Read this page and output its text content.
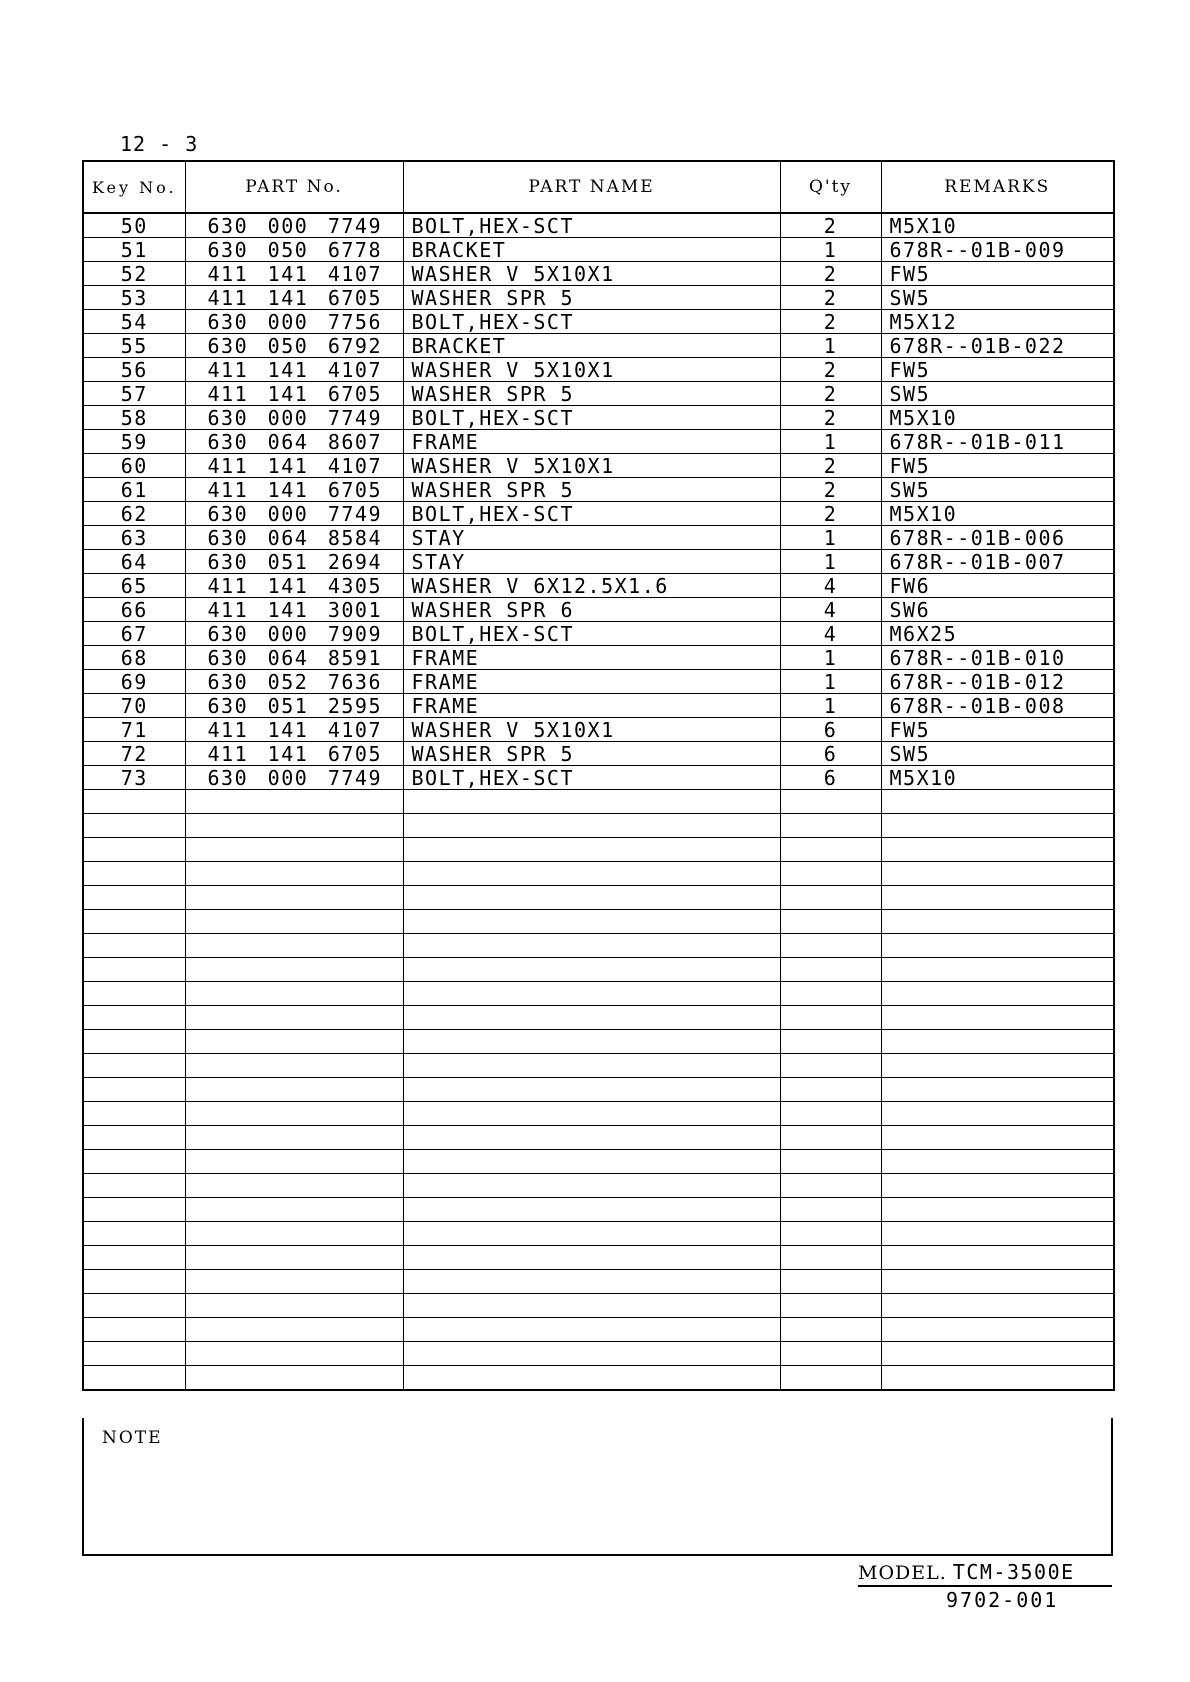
12 - 3
Key No.	PART No.	PART NAME	Q'ty	REMARKS
50	630 000 7749	BOLT,HEX-SCT	2	M5X10
51	630 050 6778	BRACKET	1	678R--01B-009
52	411 141 4107	WASHER V 5X10X1	2	FW5
53	411 141 6705	WASHER SPR 5	2	SW5
54	630 000 7756	BOLT,HEX-SCT	2	M5X12
55	630 050 6792	BRACKET	1	678R--01B-022
56	411 141 4107	WASHER V 5X10X1	2	FW5
57	411 141 6705	WASHER SPR 5	2	SW5
58	630 000 7749	BOLT,HEX-SCT	2	M5X10
59	630 064 8607	FRAME	1	678R--01B-011
60	411 141 4107	WASHER V 5X10X1	2	FW5
61	411 141 6705	WASHER SPR 5	2	SW5
62	630 000 7749	BOLT,HEX-SCT	2	M5X10
63	630 064 8584	STAY	1	678R--01B-006
64	630 051 2694	STAY	1	678R--01B-007
65	411 141 4305	WASHER V 6X12.5X1.6	4	FW6
66	411 141 3001	WASHER SPR 6	4	SW6
67	630 000 7909	BOLT,HEX-SCT	4	M6X25
68	630 064 8591	FRAME	1	678R--01B-010
69	630 052 7636	FRAME	1	678R--01B-012
70	630 051 2595	FRAME	1	678R--01B-008
71	411 141 4107	WASHER V 5X10X1	6	FW5
72	411 141 6705	WASHER SPR 5	6	SW5
73	630 000 7749	BOLT,HEX-SCT	6	M5X10

NOTE
MODEL. TCM-3500E
9702-001
